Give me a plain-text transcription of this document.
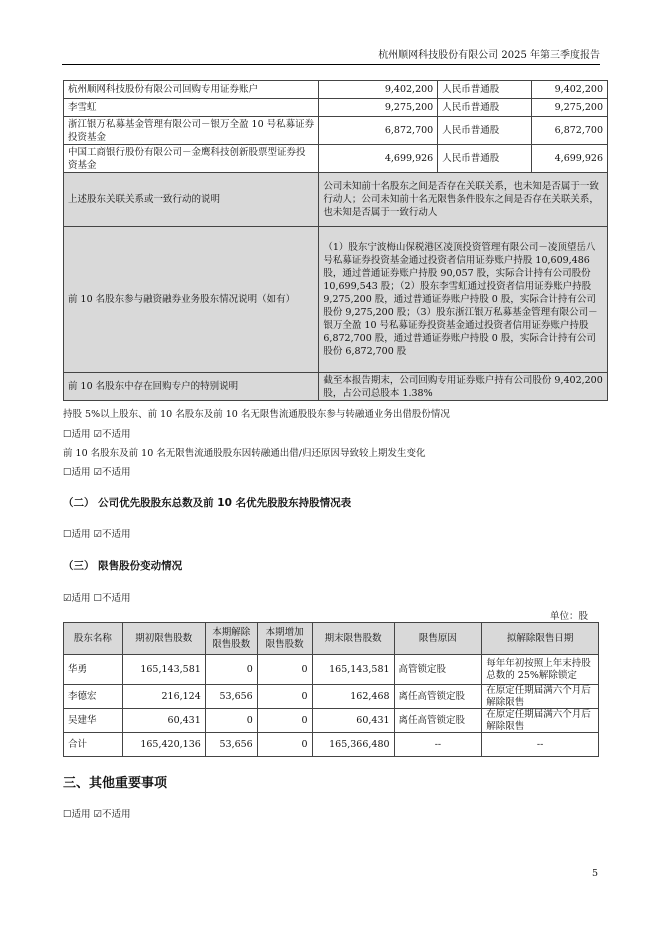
杭州顺网科技股份有限公司 2025 年第三季度报告
杭州顺网科技股份有限公司回购专用证券账户	9,402,200	人民币普通股	9,402,200
李雪虹	9,275,200	人民币普通股	9,275,200
浙江银万私募基金管理有限公司－银万全盈 10 号私募证券投资基金	6,872,700	人民币普通股	6,872,700
中国工商银行股份有限公司－金鹰科技创新股票型证券投资基金	4,699,926	人民币普通股	4,699,926
上述股东关联关系或一致行动的说明	公司未知前十名股东之间是否存在关联关系，也未知是否属于一致行动人；公司未知前十名无限售条件股东之间是否存在关联关系，也未知是否属于一致行动人		
前 10 名股东参与融资融券业务股东情况说明（如有）	（1）股东宁波梅山保税港区凌顶投资管理有限公司－凌顶望岳八号私募证券投资基金通过投资者信用证券账户持股 10,609,486 股，通过普通证券账户持股 90,057 股，实际合计持有公司股份 10,699,543 股；（2）股东李雪虹通过投资者信用证券账户持股 9,275,200 股，通过普通证券账户持股 0 股，实际合计持有公司股份 9,275,200 股；（3）股东浙江银万私募基金管理有限公司－银万全盈 10 号私募证券投资基金通过投资者信用证券账户持股 6,872,700 股，通过普通证券账户持股 0 股，实际合计持有公司股份 6,872,700 股		
前 10 名股东中存在回购专户的特别说明	截至本报告期末，公司回购专用证券账户持有公司股份 9,402,200 股，占公司总股本 1.38%		
持股 5%以上股东、前 10 名股东及前 10 名无限售流通股股东参与转融通业务出借股份情况
☐适用 ☑不适用
前 10 名股东及前 10 名无限售流通股股东因转融通出借/归还原因导致较上期发生变化
☐适用 ☑不适用
（二） 公司优先股股东总数及前 10 名优先股股东持股情况表
☐适用 ☑不适用
（三） 限售股份变动情况
☑适用 ☐不适用
单位：股
股东名称	期初限售股数	本期解除限售股数	本期增加限售股数	期末限售股数	限售原因	拟解除限售日期
华勇	165,143,581	0	0	165,143,581	高管锁定股	每年年初按照上年末持股总数的 25%解除锁定
李德宏	216,124	53,656	0	162,468	离任高管锁定股	在原定任期届满六个月后解除限售
吴建华	60,431	0	0	60,431	离任高管锁定股	在原定任期届满六个月后解除限售
合计	165,420,136	53,656	0	165,366,480	--	--
三、其他重要事项
☐适用 ☑不适用
5
